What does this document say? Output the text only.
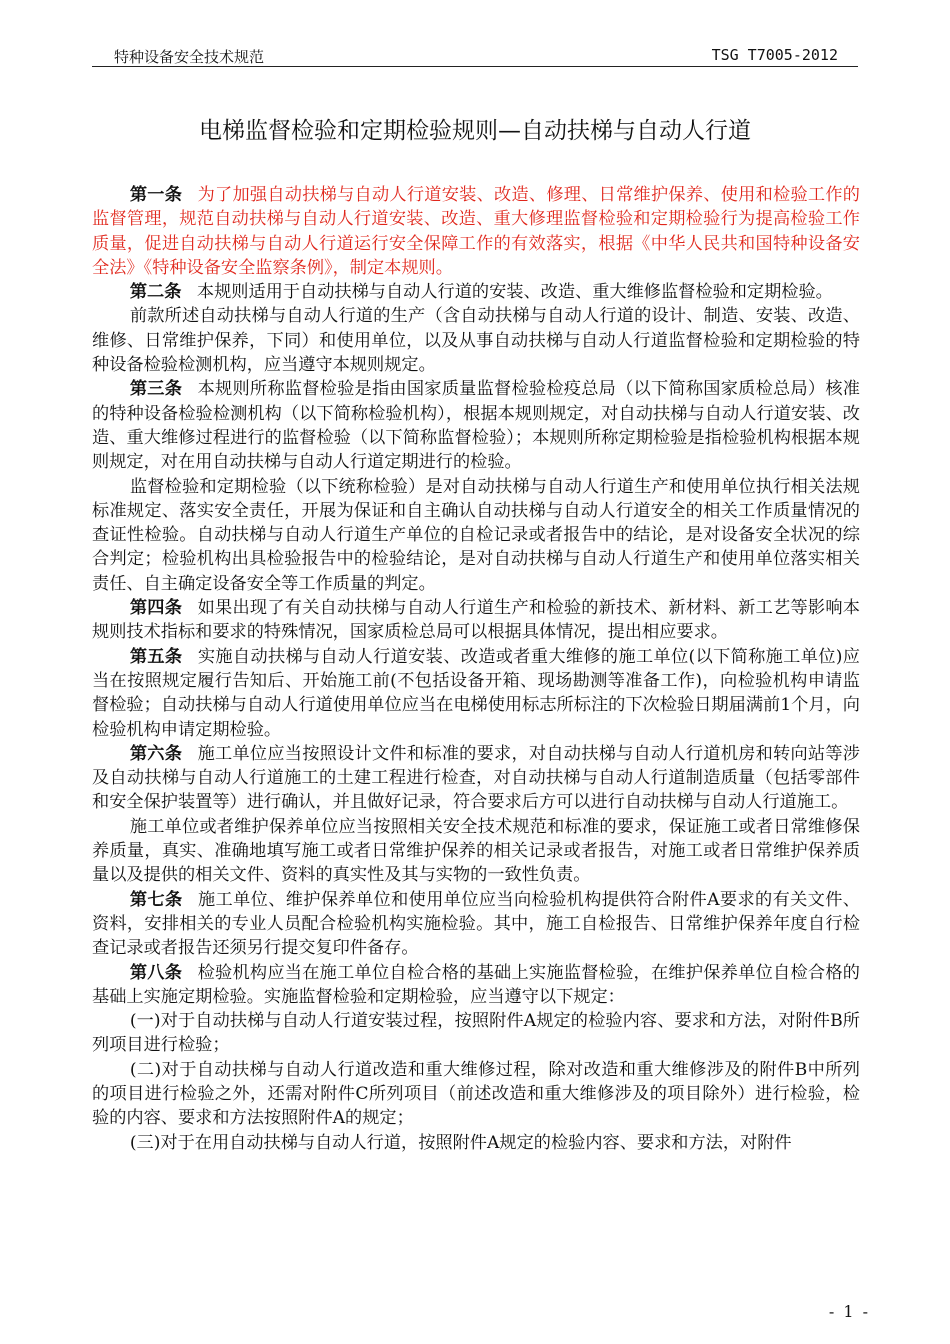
特种设备安全技术规范	TSG T7005-2012
电梯监督检验和定期检验规则—自动扶梯与自动人行道

第一条 为了加强自动扶梯与自动人行道安装、改造、修理、日常维护保养、使用和检验工作的监督管理，规范自动扶梯与自动人行道安装、改造、重大修理监督检验和定期检验行为提高检验工作质量，促进自动扶梯与自动人行道运行安全保障工作的有效落实，根据《中华人民共和国特种设备安全法》《特种设备安全监察条例》，制定本规则。

第二条 本规则适用于自动扶梯与自动人行道的安装、改造、重大维修监督检验和定期检验。

前款所述自动扶梯与自动人行道的生产（含自动扶梯与自动人行道的设计、制造、安装、改造、维修、日常维护保养，下同）和使用单位，以及从事自动扶梯与自动人行道监督检验和定期检验的特种设备检验检测机构，应当遵守本规则规定。

第三条 本规则所称监督检验是指由国家质量监督检验检疫总局（以下简称国家质检总局）核准的特种设备检验检测机构（以下简称检验机构），根据本规则规定，对自动扶梯与自动人行道安装、改造、重大维修过程进行的监督检验（以下简称监督检验）；本规则所称定期检验是指检验机构根据本规则规定，对在用自动扶梯与自动人行道定期进行的检验。

监督检验和定期检验（以下统称检验）是对自动扶梯与自动人行道生产和使用单位执行相关法规标准规定、落实安全责任，开展为保证和自主确认自动扶梯与自动人行道安全的相关工作质量情况的查证性检验。自动扶梯与自动人行道生产单位的自检记录或者报告中的结论，是对设备安全状况的综合判定；检验机构出具检验报告中的检验结论，是对自动扶梯与自动人行道生产和使用单位落实相关责任、自主确定设备安全等工作质量的判定。

第四条 如果出现了有关自动扶梯与自动人行道生产和检验的新技术、新材料、新工艺等影响本规则技术指标和要求的特殊情况，国家质检总局可以根据具体情况，提出相应要求。

第五条 实施自动扶梯与自动人行道安装、改造或者重大维修的施工单位(以下简称施工单位)应当在按照规定履行告知后、开始施工前(不包括设备开箱、现场勘测等准备工作)，向检验机构申请监督检验；自动扶梯与自动人行道使用单位应当在电梯使用标志所标注的下次检验日期届满前1个月，向检验机构申请定期检验。

第六条 施工单位应当按照设计文件和标准的要求，对自动扶梯与自动人行道机房和转向站等涉及自动扶梯与自动人行道施工的土建工程进行检查，对自动扶梯与自动人行道制造质量（包括零部件和安全保护装置等）进行确认，并且做好记录，符合要求后方可以进行自动扶梯与自动人行道施工。

施工单位或者维护保养单位应当按照相关安全技术规范和标准的要求，保证施工或者日常维修保养质量，真实、准确地填写施工或者日常维护保养的相关记录或者报告，对施工或者日常维护保养质量以及提供的相关文件、资料的真实性及其与实物的一致性负责。

第七条 施工单位、维护保养单位和使用单位应当向检验机构提供符合附件A要求的有关文件、资料，安排相关的专业人员配合检验机构实施检验。其中，施工自检报告、日常维护保养年度自行检查记录或者报告还须另行提交复印件备存。

第八条 检验机构应当在施工单位自检合格的基础上实施监督检验，在维护保养单位自检合格的基础上实施定期检验。实施监督检验和定期检验，应当遵守以下规定：

(一)对于自动扶梯与自动人行道安装过程，按照附件A规定的检验内容、要求和方法，对附件B所列项目进行检验；

(二)对于自动扶梯与自动人行道改造和重大维修过程，除对改造和重大维修涉及的附件B中所列的项目进行检验之外，还需对附件C所列项目（前述改造和重大维修涉及的项目除外）进行检验，检验的内容、要求和方法按照附件A的规定；

(三)对于在用自动扶梯与自动人行道，按照附件A规定的检验内容、要求和方法，对附件

- 1 -
